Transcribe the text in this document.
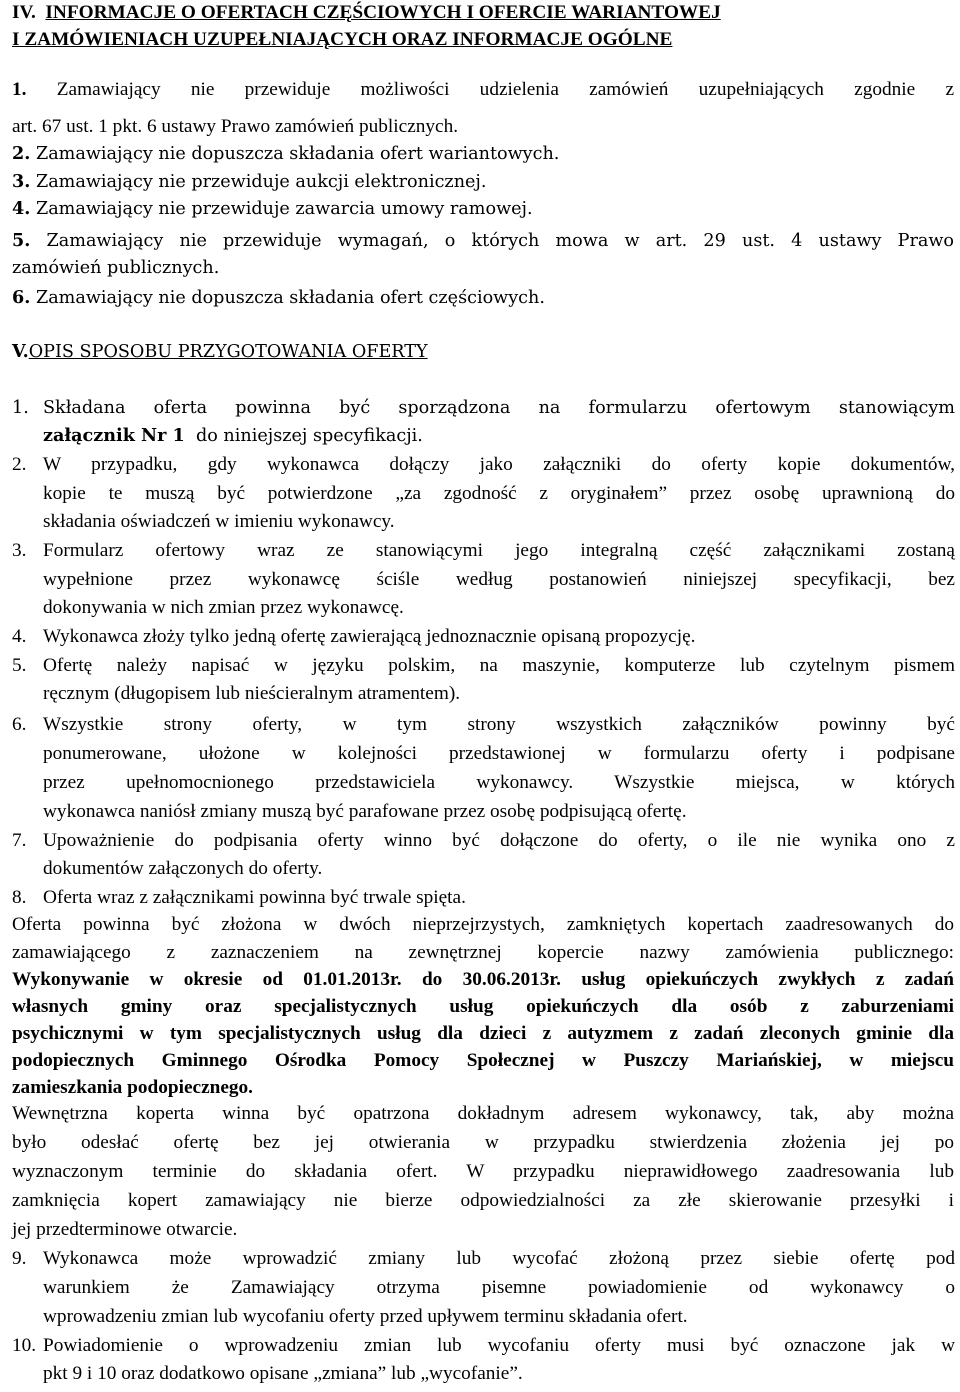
IV. INFORMACJE O OFERTACH CZĘŚCIOWYCH I OFERCIE WARIANTOWEJ
I ZAMÓWIENIACH UZUPEŁNIAJĄCYCH ORAZ INFORMACJE OGÓLNE
1. Zamawiający nie przewiduje możliwości udzielenia zamówień uzupełniających zgodnie z
art. 67 ust. 1 pkt. 6 ustawy Prawo zamówień publicznych.
2. Zamawiający nie dopuszcza składania ofert wariantowych.
3. Zamawiający nie przewiduje aukcji elektronicznej.
4. Zamawiający nie przewiduje zawarcia umowy ramowej.
5. Zamawiający nie przewiduje wymagań, o których mowa w art. 29 ust. 4 ustawy Prawo
zamówień publicznych.
6. Zamawiający nie dopuszcza składania ofert częściowych.
V.OPIS SPOSOBU PRZYGOTOWANIA OFERTY
1. Składana oferta powinna być sporządzona na formularzu ofertowym stanowiącym
załącznik Nr 1 do niniejszej specyfikacji.
2. W przypadku, gdy wykonawca dołączy jako załączniki do oferty kopie dokumentów,
kopie te muszą być potwierdzone „za zgodność z oryginałem” przez osobę uprawnioną do
składania oświadczeń w imieniu wykonawcy.
3. Formularz ofertowy wraz ze stanowiącymi jego integralną część załącznikami zostaną
wypełnione przez wykonawcę ściśle według postanowień niniejszej specyfikacji, bez
dokonywania w nich zmian przez wykonawcę.
4. Wykonawca złoży tylko jedną ofertę zawierającą jednoznacznie opisaną propozycję.
5. Ofertę należy napisać w języku polskim, na maszynie, komputerze lub czytelnym pismem
ręcznym (długopisem lub nieścieralnym atramentem).
6. Wszystkie strony oferty, w tym strony wszystkich załączników powinny być
ponumerowane, ułożone w kolejności przedstawionej w formularzu oferty i podpisane
przez upełnomocnionego przedstawiciela wykonawcy. Wszystkie miejsca, w których
wykonawca naniósł zmiany muszą być parafowane przez osobę podpisującą ofertę.
7. Upoważnienie do podpisania oferty winno być dołączone do oferty, o ile nie wynika ono z
dokumentów załączonych do oferty.
8. Oferta wraz z załącznikami powinna być trwale spięta.
Oferta powinna być złożona w dwóch nieprzejrzystych, zamkniętych kopertach zaadresowanych do
zamawiającego z zaznaczeniem na zewnętrznej kopercie nazwy zamówienia publicznego:
Wykonywanie w okresie od 01.01.2013r. do 30.06.2013r. usług opiekuńczych zwykłych z zadań
własnych gminy oraz specjalistycznych usług opiekuńczych dla osób z zaburzeniami
psychicznymi w tym specjalistycznych usług dla dzieci z autyzmem z zadań zleconych gminie dla
podopiecznych Gminnego Ośrodka Pomocy Społecznej w Puszczy Mariańskiej, w miejscu
zamieszkania podopiecznego.
Wewnętrzna koperta winna być opatrzona dokładnym adresem wykonawcy, tak, aby można
było odesłać ofertę bez jej otwierania w przypadku stwierdzenia złożenia jej po
wyznaczonym terminie do składania ofert. W przypadku nieprawidłowego zaadresowania lub
zamknięcia kopert zamawiający nie bierze odpowiedzialności za złe skierowanie przesyłki i
jej przedterminowe otwarcie.
9. Wykonawca może wprowadzić zmiany lub wycofać złożoną przez siebie ofertę pod
warunkiem że Zamawiający otrzyma pisemne powiadomienie od wykonawcy o
wprowadzeniu zmian lub wycofaniu oferty przed upływem terminu składania ofert.
10. Powiadomienie o wprowadzeniu zmian lub wycofaniu oferty musi być oznaczone jak w
pkt 9 i 10 oraz dodatkowo opisane „zmiana” lub „wycofanie”.
